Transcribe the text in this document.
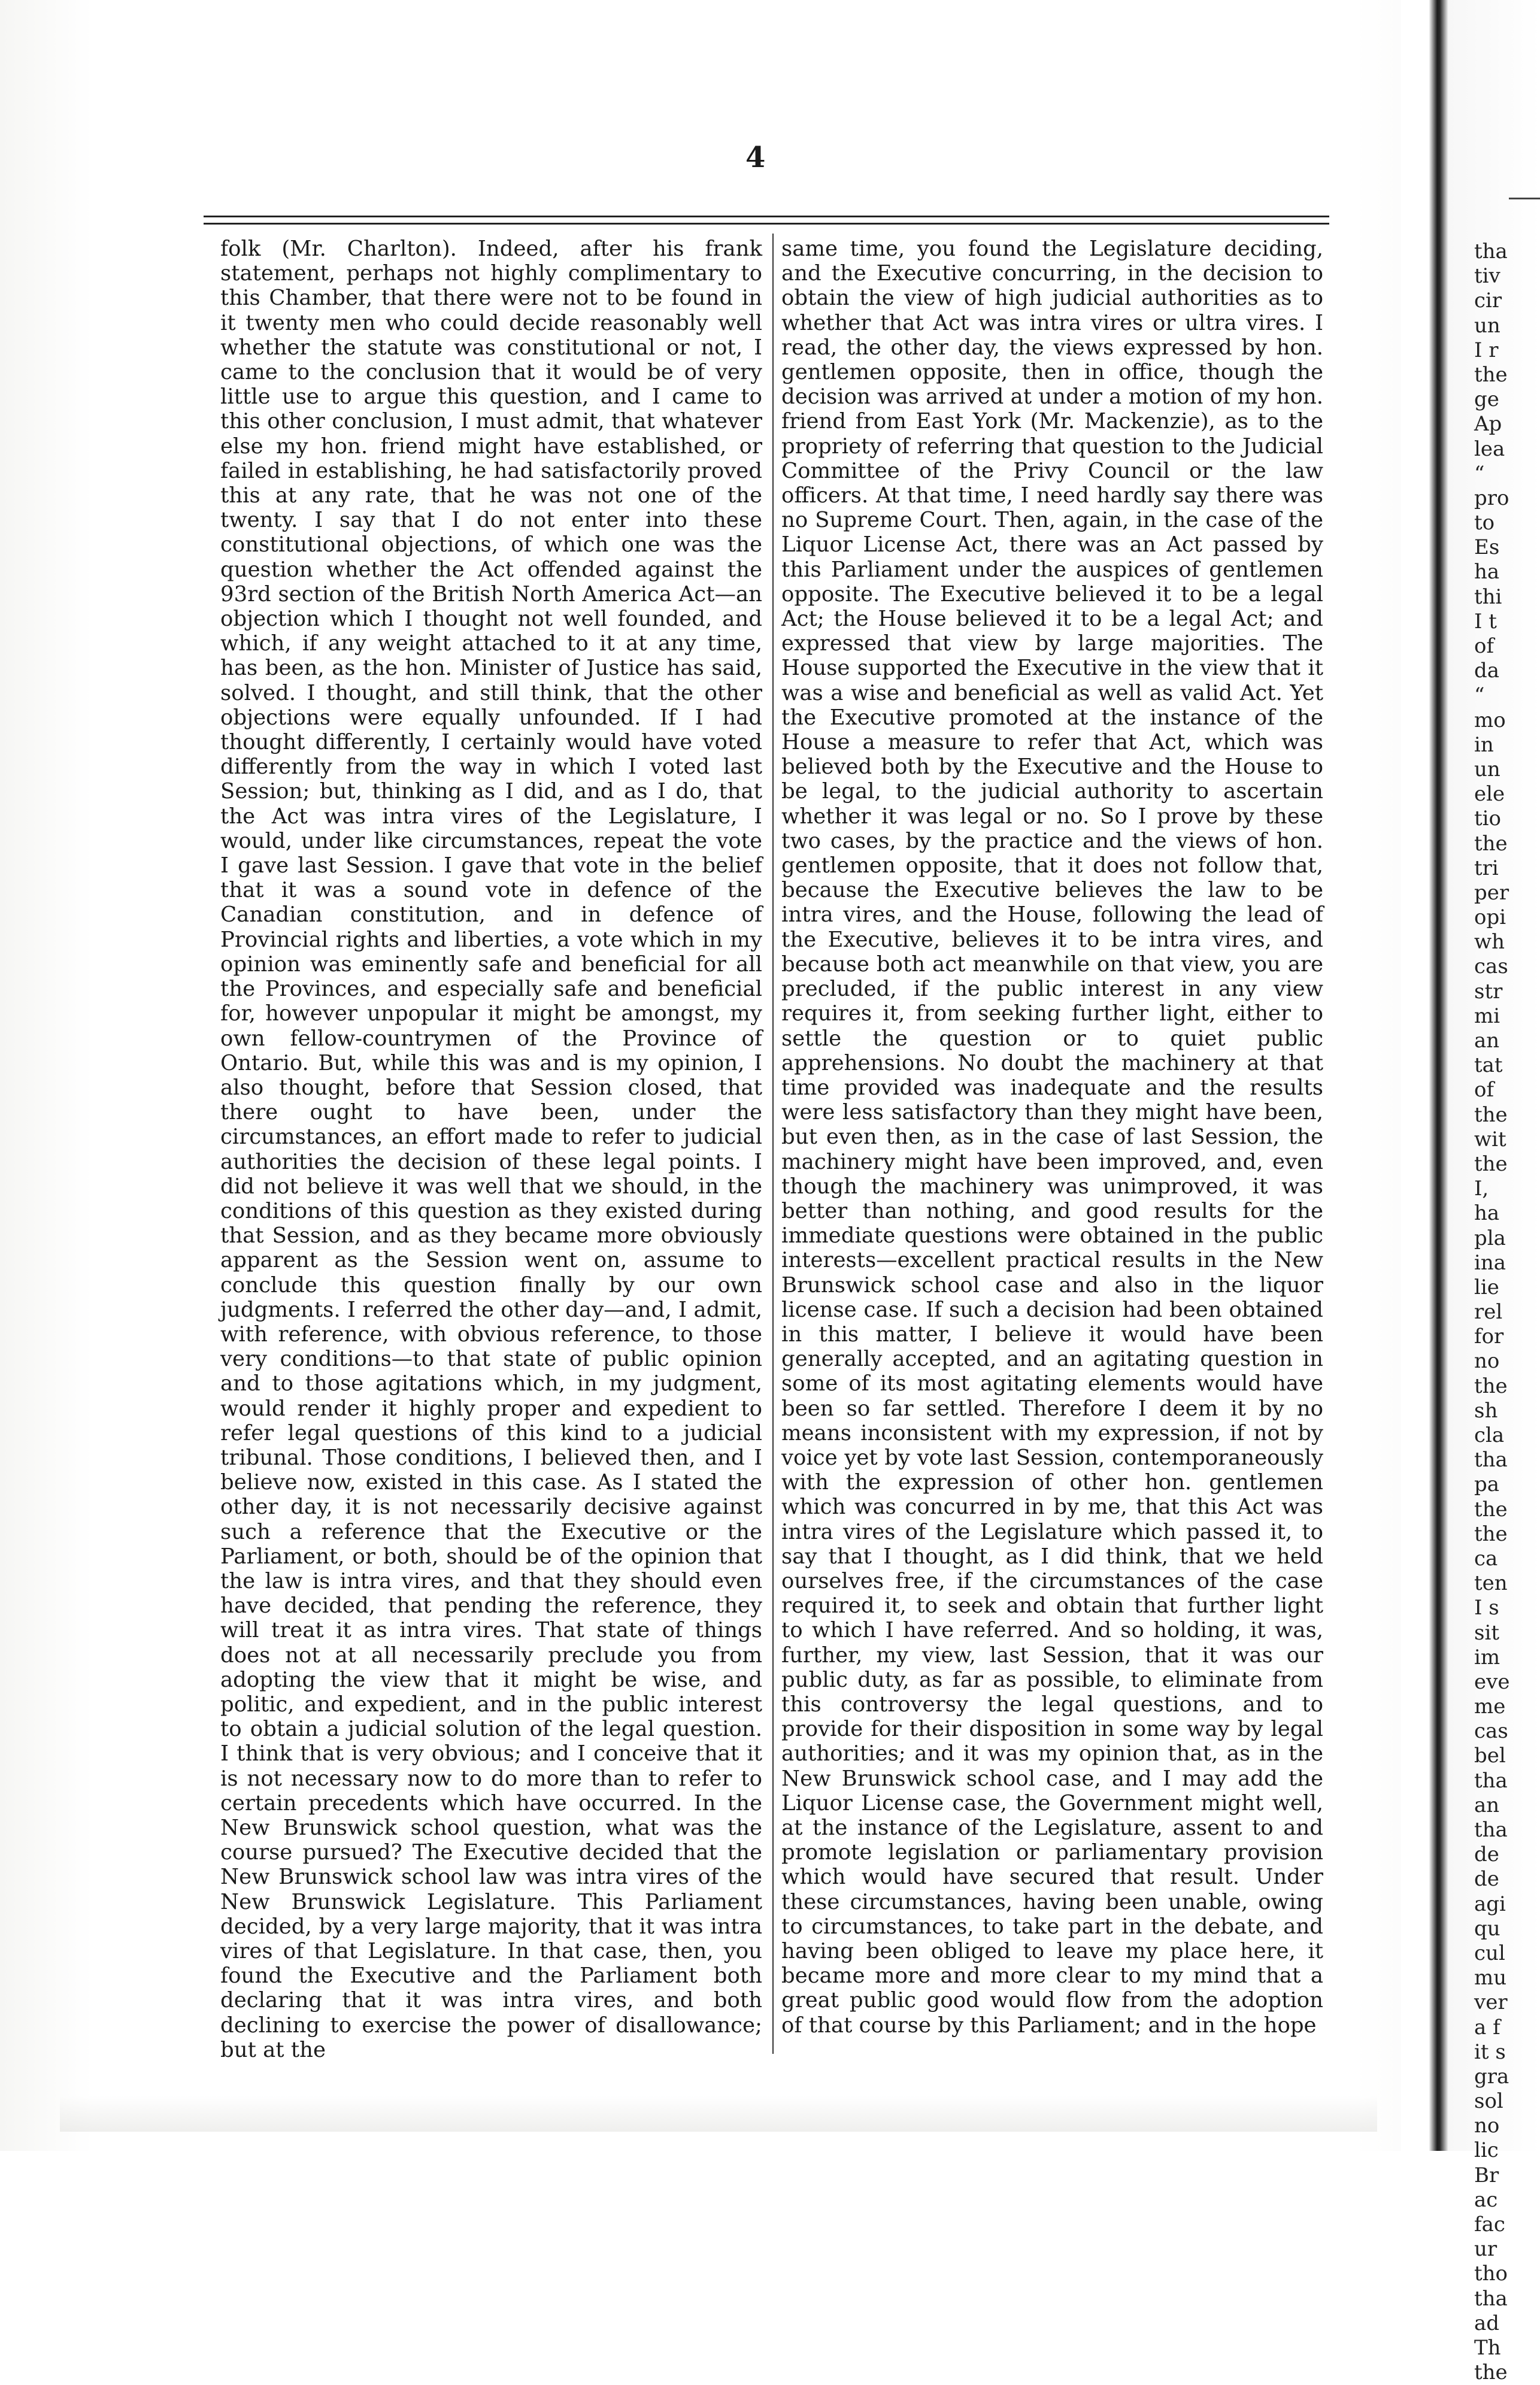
4

folk (Mr. Charlton). Indeed, after his frank statement, perhaps not highly complimentary to this Chamber, that there were not to be found in it twenty men who could decide reasonably well whether the statute was constitutional or not, I came to the conclusion that it would be of very little use to argue this question, and I came to this other conclusion, I must admit, that whatever else my hon. friend might have established, or failed in establishing, he had satisfactorily proved this at any rate, that he was not one of the twenty. I say that I do not enter into these constitutional objections, of which one was the question whether the Act offended against the 93rd section of the British North America Act—an objection which I thought not well founded, and which, if any weight attached to it at any time, has been, as the hon. Minister of Justice has said, solved. I thought, and still think, that the other objections were equally unfounded. If I had thought differently, I certainly would have voted differently from the way in which I voted last Session; but, thinking as I did, and as I do, that the Act was intra vires of the Legislature, I would, under like circumstances, repeat the vote I gave last Session. I gave that vote in the belief that it was a sound vote in defence of the Canadian constitution, and in defence of Provincial rights and liberties, a vote which in my opinion was eminently safe and beneficial for all the Provinces, and especially safe and beneficial for, however unpopular it might be amongst, my own fellow-countrymen of the Province of Ontario. But, while this was and is my opinion, I also thought, before that Session closed, that there ought to have been, under the circumstances, an effort made to refer to judicial authorities the decision of these legal points. I did not believe it was well that we should, in the conditions of this question as they existed during that Session, and as they became more obviously apparent as the Session went on, assume to conclude this question finally by our own judgments. I referred the other day—and, I admit, with reference, with obvious reference, to those very conditions—to that state of public opinion and to those agitations which, in my judgment, would render it highly proper and expedient to refer legal questions of this kind to a judicial tribunal. Those conditions, I believed then, and I believe now, existed in this case. As I stated the other day, it is not necessarily decisive against such a reference that the Executive or the Parliament, or both, should be of the opinion that the law is intra vires, and that they should even have decided, that pending the reference, they will treat it as intra vires. That state of things does not at all necessarily preclude you from adopting the view that it might be wise, and politic, and expedient, and in the public interest to obtain a judicial solution of the legal question. I think that is very obvious; and I conceive that it is not necessary now to do more than to refer to certain precedents which have occurred. In the New Brunswick school question, what was the course pursued? The Executive decided that the New Brunswick school law was intra vires of the New Brunswick Legislature. This Parliament decided, by a very large majority, that it was intra vires of that Legislature. In that case, then, you found the Executive and the Parliament both declaring that it was intra vires, and both declining to exercise the power of disallowance; but at the

same time, you found the Legislature deciding, and the Executive concurring, in the decision to obtain the view of high judicial authorities as to whether that Act was intra vires or ultra vires. I read, the other day, the views expressed by hon. gentlemen opposite, then in office, though the decision was arrived at under a motion of my hon. friend from East York (Mr. Mackenzie), as to the propriety of referring that question to the Judicial Committee of the Privy Council or the law officers. At that time, I need hardly say there was no Supreme Court. Then, again, in the case of the Liquor License Act, there was an Act passed by this Parliament under the auspices of gentlemen opposite. The Executive believed it to be a legal Act; the House believed it to be a legal Act; and expressed that view by large majorities. The House supported the Executive in the view that it was a wise and beneficial as well as valid Act. Yet the Executive promoted at the instance of the House a measure to refer that Act, which was believed both by the Executive and the House to be legal, to the judicial authority to ascertain whether it was legal or no. So I prove by these two cases, by the practice and the views of hon. gentlemen opposite, that it does not follow that, because the Executive believes the law to be intra vires, and the House, following the lead of the Executive, believes it to be intra vires, and because both act meanwhile on that view, you are precluded, if the public interest in any view requires it, from seeking further light, either to settle the question or to quiet public apprehensions. No doubt the machinery at that time provided was inadequate and the results were less satisfactory than they might have been, but even then, as in the case of last Session, the machinery might have been improved, and, even though the machinery was unimproved, it was better than nothing, and good results for the immediate questions were obtained in the public interests—excellent practical results in the New Brunswick school case and also in the liquor license case. If such a decision had been obtained in this matter, I believe it would have been generally accepted, and an agitating question in some of its most agitating elements would have been so far settled. Therefore I deem it by no means inconsistent with my expression, if not by voice yet by vote last Session, contemporaneously with the expression of other hon. gentlemen which was concurred in by me, that this Act was intra vires of the Legislature which passed it, to say that I thought, as I did think, that we held ourselves free, if the circumstances of the case required it, to seek and obtain that further light to which I have referred. And so holding, it was, further, my view, last Session, that it was our public duty, as far as possible, to eliminate from this controversy the legal questions, and to provide for their disposition in some way by legal authorities; and it was my opinion that, as in the New Brunswick school case, and I may add the Liquor License case, the Government might well, at the instance of the Legislature, assent to and promote legislation or parliamentary provision which would have secured that result. Under these circumstances, having been unable, owing to circumstances, to take part in the debate, and having been obliged to leave my place here, it became more and more clear to my mind that a great public good would flow from the adoption of that course by this Parliament; and in the hope

tha
tiv
cir
un
I r
the
ge
Ap
lea
“
pro
to
Es
ha
thi
I t
of
da
“
mo
in
un
ele
tio
the
tri
per
opi
wh
cas
str
mi
an
tat
of
the
wit
the
I,
ha
pla
ina
lie
rel
for
no
the
sh
cla
tha
pa
the
the
ca
ten
I s
sit
im
eve
me
cas
bel
tha
an
tha
de
de
agi
qu
cul
mu
ver
a f
it s
gra
sol
no
lic
Br
ac
fac
ur
tho
tha
ad
Th
the
